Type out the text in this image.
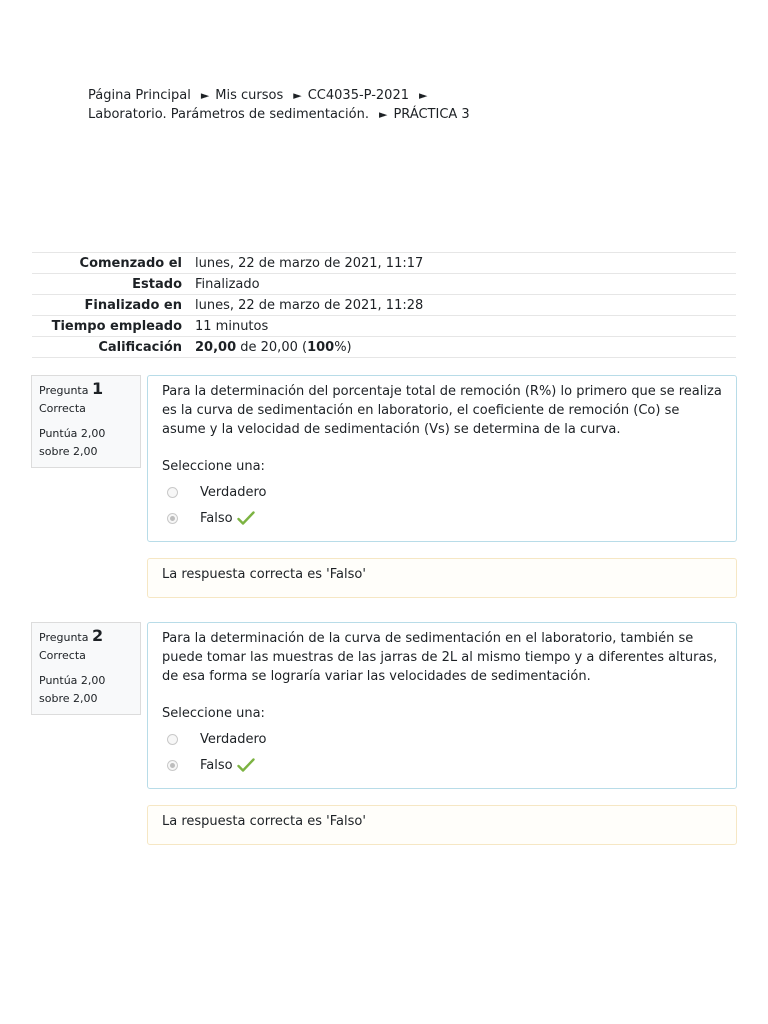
Página Principal ► Mis cursos ► CC4035-P-2021 ►
Laboratorio. Parámetros de sedimentación. ► PRÁCTICA 3
Comenzado el	lunes, 22 de marzo de 2021, 11:17
Estado	Finalizado
Finalizado en	lunes, 22 de marzo de 2021, 11:28
Tiempo empleado	11 minutos
Calificación	20,00 de 20,00 (100%)
Pregunta 1
Correcta
Puntúa 2,00 sobre 2,00

Para la determinación del porcentaje total de remoción (R%) lo primero que se realiza es la curva de sedimentación en laboratorio, el coeficiente de remoción (Co) se asume y la velocidad de sedimentación (Vs) se determina de la curva.

Seleccione una:

Verdadero
Falso
La respuesta correcta es 'Falso'
Pregunta 2
Correcta
Puntúa 2,00 sobre 2,00

Para la determinación de la curva de sedimentación en el laboratorio, también se puede tomar las muestras de las jarras de 2L al mismo tiempo y a diferentes alturas, de esa forma se lograría variar las velocidades de sedimentación.

Seleccione una:

Verdadero
Falso
La respuesta correcta es 'Falso'
